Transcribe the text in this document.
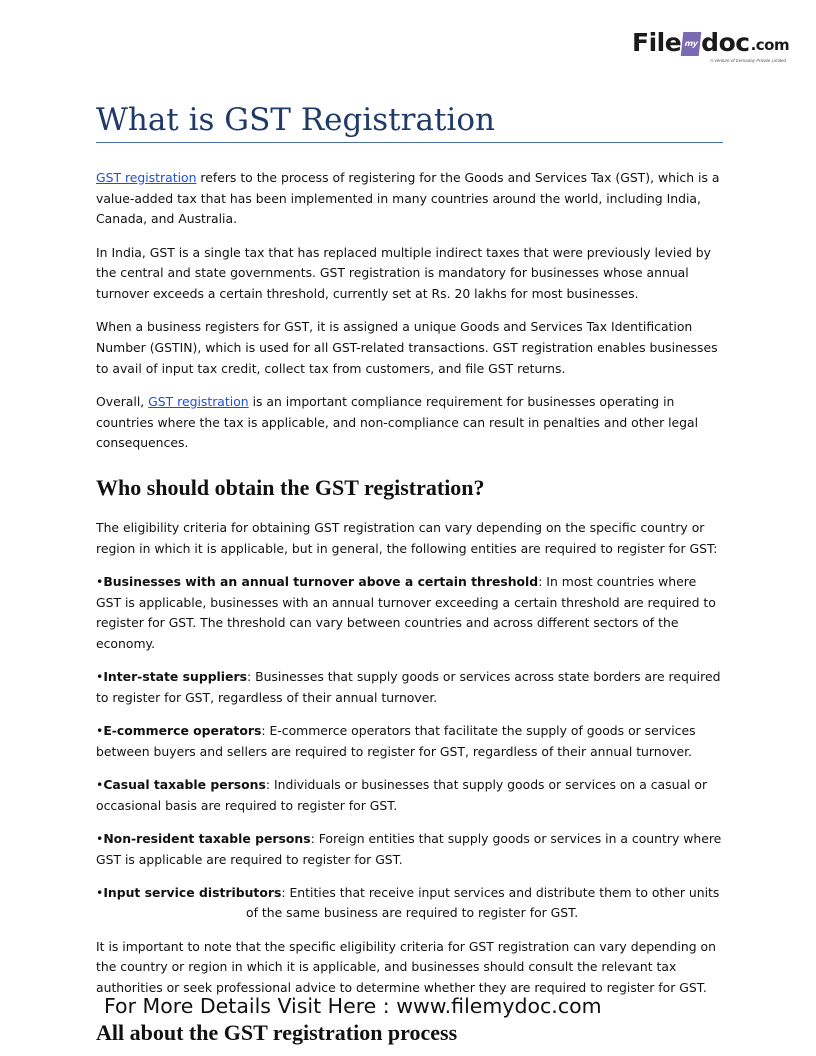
File my doc .com
A Venture of Eemaday Private Limited
What is GST Registration

GST registration refers to the process of registering for the Goods and Services Tax (GST), which is a value-added tax that has been implemented in many countries around the world, including India, Canada, and Australia.

In India, GST is a single tax that has replaced multiple indirect taxes that were previously levied by the central and state governments. GST registration is mandatory for businesses whose annual turnover exceeds a certain threshold, currently set at Rs. 20 lakhs for most businesses.

When a business registers for GST, it is assigned a unique Goods and Services Tax Identification Number (GSTIN), which is used for all GST-related transactions. GST registration enables businesses to avail of input tax credit, collect tax from customers, and file GST returns.

Overall, GST registration is an important compliance requirement for businesses operating in countries where the tax is applicable, and non-compliance can result in penalties and other legal consequences.

Who should obtain the GST registration?

The eligibility criteria for obtaining GST registration can vary depending on the specific country or region in which it is applicable, but in general, the following entities are required to register for GST:

•Businesses with an annual turnover above a certain threshold: In most countries where GST is applicable, businesses with an annual turnover exceeding a certain threshold are required to register for GST. The threshold can vary between countries and across different sectors of the economy.

•Inter-state suppliers: Businesses that supply goods or services across state borders are required to register for GST, regardless of their annual turnover.

•E-commerce operators: E-commerce operators that facilitate the supply of goods or services between buyers and sellers are required to register for GST, regardless of their annual turnover.

•Casual taxable persons: Individuals or businesses that supply goods or services on a casual or occasional basis are required to register for GST.

•Non-resident taxable persons: Foreign entities that supply goods or services in a country where GST is applicable are required to register for GST.

•Input service distributors: Entities that receive input services and distribute them to other units
of the same business are required to register for GST.

It is important to note that the specific eligibility criteria for GST registration can vary depending on the country or region in which it is applicable, and businesses should consult the relevant tax authorities or seek professional advice to determine whether they are required to register for GST.

All about the GST registration process
For More Details Visit Here : www.filemydoc.com
